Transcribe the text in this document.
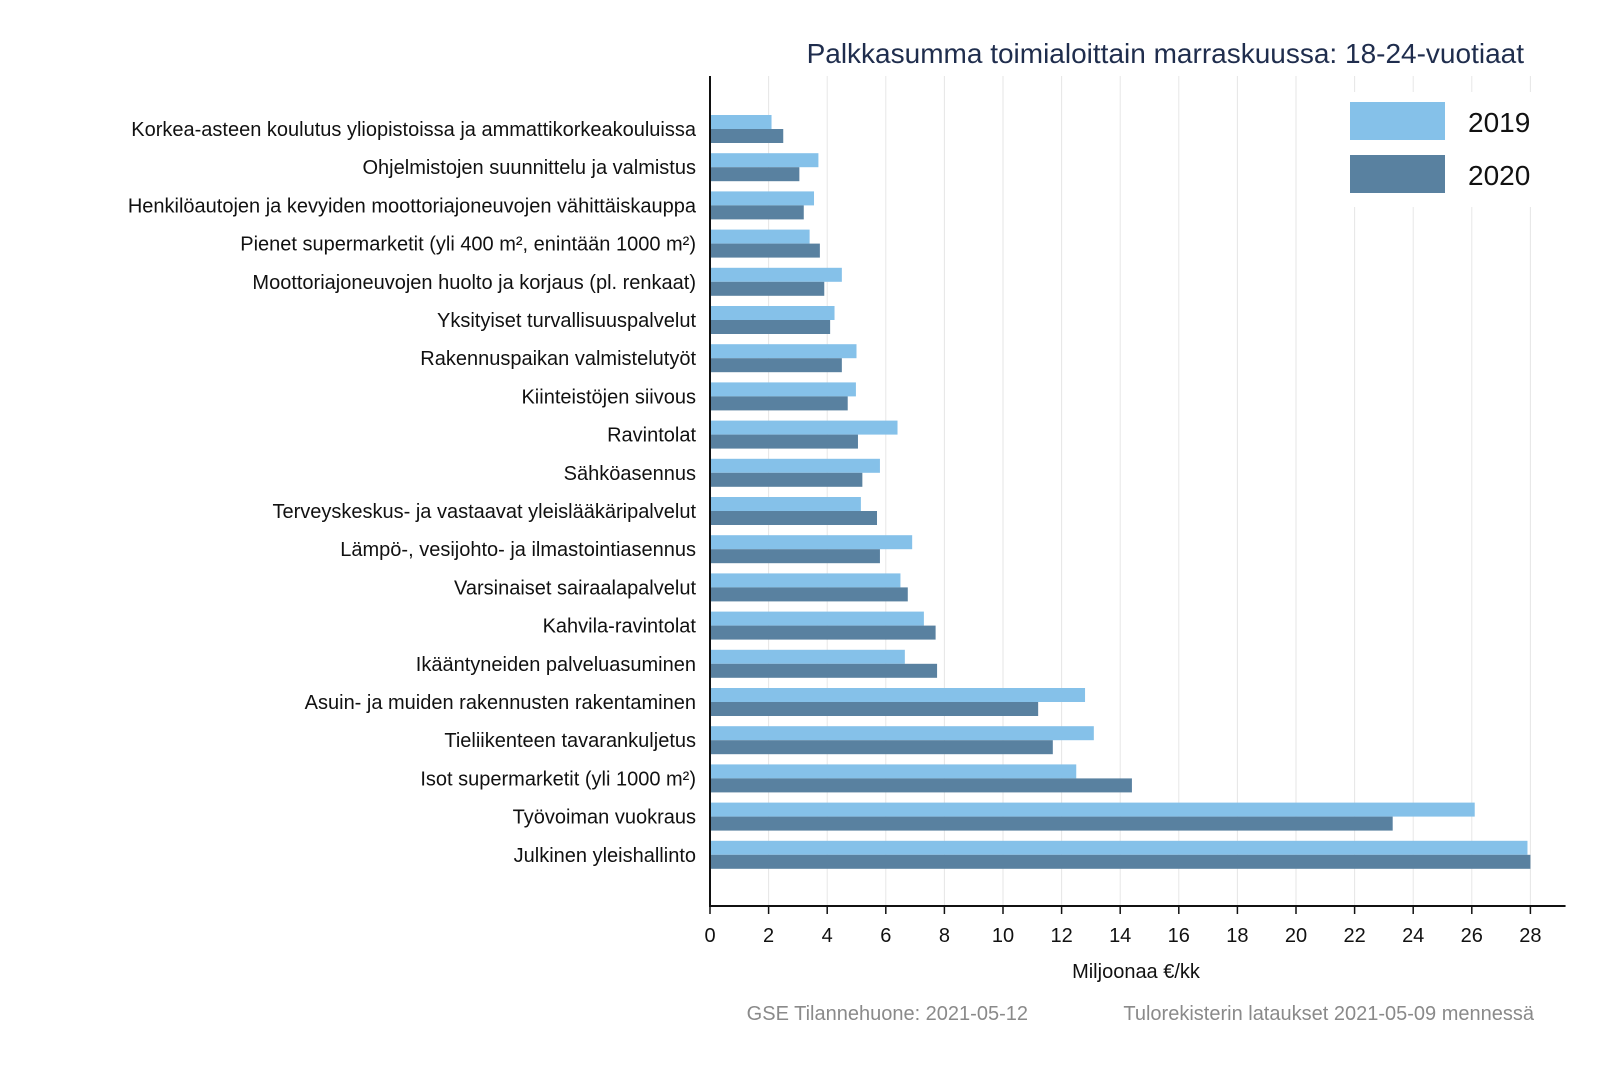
Korkea-asteen koulutus yliopistoissa ja ammattikorkeakouluissa
Ohjelmistojen suunnittelu ja valmistus
Henkilöautojen ja kevyiden moottoriajoneuvojen vähittäiskauppa
Pienet supermarketit (yli 400 m², enintään 1000 m²)
Moottoriajoneuvojen huolto ja korjaus (pl. renkaat)
Yksityiset turvallisuuspalvelut
Rakennuspaikan valmistelutyöt
Kiinteistöjen siivous
Ravintolat
Sähköasennus
Terveyskeskus- ja vastaavat yleislääkäripalvelut
Lämpö-, vesijohto- ja ilmastointiasennus
Varsinaiset sairaalapalvelut
Kahvila-ravintolat
Ikääntyneiden palveluasuminen
Asuin- ja muiden rakennusten rakentaminen
Tieliikenteen tavarankuljetus
Isot supermarketit (yli 1000 m²)
Työvoiman vuokraus
Julkinen yleishallinto
0 2 4 6 8 10 12 14 16 18 20 22 24 26 28
Palkkasumma toimialoittain marraskuussa: 18-24-vuotiaat
Miljoonaa €/kk
2019
2020
GSE Tilannehuone: 2021-05-12	Tulorekisterin lataukset 2021-05-09 mennessä
